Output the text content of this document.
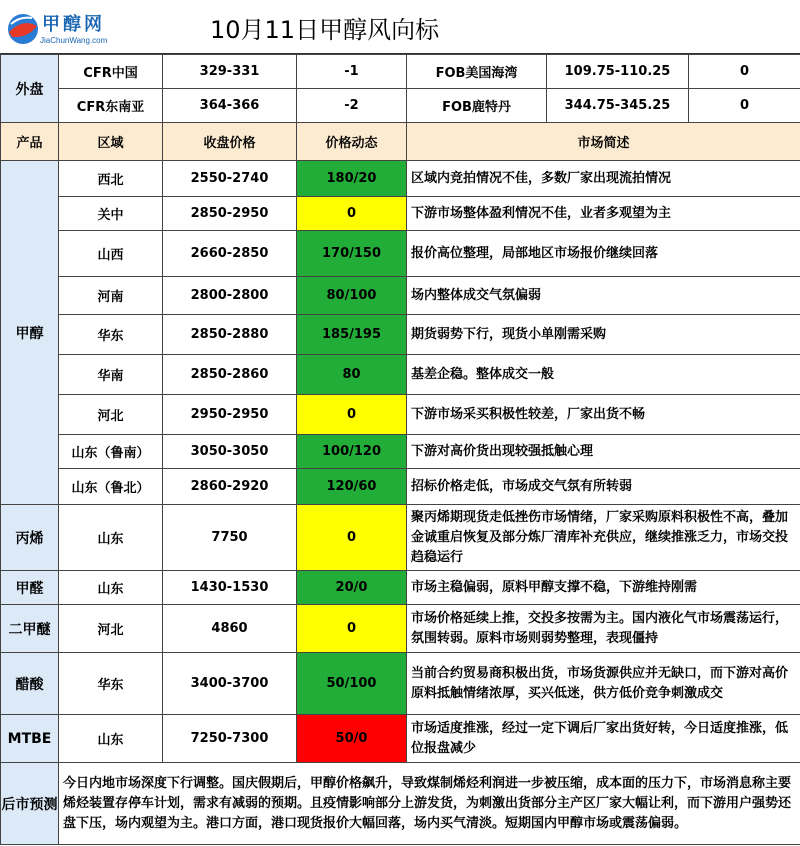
甲醇网
JiaChunWang.com	10月11日甲醇风向标
外盘	CFR中国	329-331	-1	FOB美国海湾	109.75-110.25	0
	CFR东南亚	364-366	-2	FOB鹿特丹	344.75-345.25	0
产品	区域	收盘价格	价格动态	市场简述		
甲醇	西北	2550-2740	180/20	区域内竞拍情况不佳，多数厂家出现流拍情况		
	关中	2850-2950	0	下游市场整体盈利情况不佳，业者多观望为主		
	山西	2660-2850	170/150	报价高位整理，局部地区市场报价继续回落		
	河南	2800-2800	80/100	场内整体成交气氛偏弱		
	华东	2850-2880	185/195	期货弱势下行，现货小单刚需采购		
	华南	2850-2860	80	基差企稳。整体成交一般		
	河北	2950-2950	0	下游市场采买积极性较差，厂家出货不畅		
	山东（鲁南）	3050-3050	100/120	下游对高价货出现较强抵触心理		
	山东（鲁北）	2860-2920	120/60	招标价格走低，市场成交气氛有所转弱		
丙烯	山东	7750	0	聚丙烯期现货走低挫伤市场情绪，厂家采购原料积极性不高，叠加金诚重启恢复及部分炼厂清库补充供应，继续推涨乏力，市场交投趋稳运行		
甲醛	山东	1430-1530	20/0	市场主稳偏弱，原料甲醇支撑不稳，下游维持刚需		
二甲醚	河北	4860	0	市场价格延续上推，交投多按需为主。国内液化气市场震荡运行，氛围转弱。原料市场则弱势整理，表现僵持		
醋酸	华东	3400-3700	50/100	当前合约贸易商积极出货，市场货源供应并无缺口，而下游对高价原料抵触情绪浓厚，买兴低迷，供方低价竞争刺激成交		
MTBE	山东	7250-7300	50/0	市场适度推涨，经过一定下调后厂家出货好转，今日适度推涨，低位报盘减少		
后市预测	今日内地市场深度下行调整。国庆假期后，甲醇价格飙升，导致煤制烯烃利润进一步被压缩，成本面的压力下，市场消息称主要烯烃装置存停车计划，需求有减弱的预期。且疫情影响部分上游发货，为刺激出货部分主产区厂家大幅让利，而下游用户强势还盘下压，场内观望为主。港口方面，港口现货报价大幅回落，场内买气清淡。短期国内甲醇市场或震荡偏弱。					
